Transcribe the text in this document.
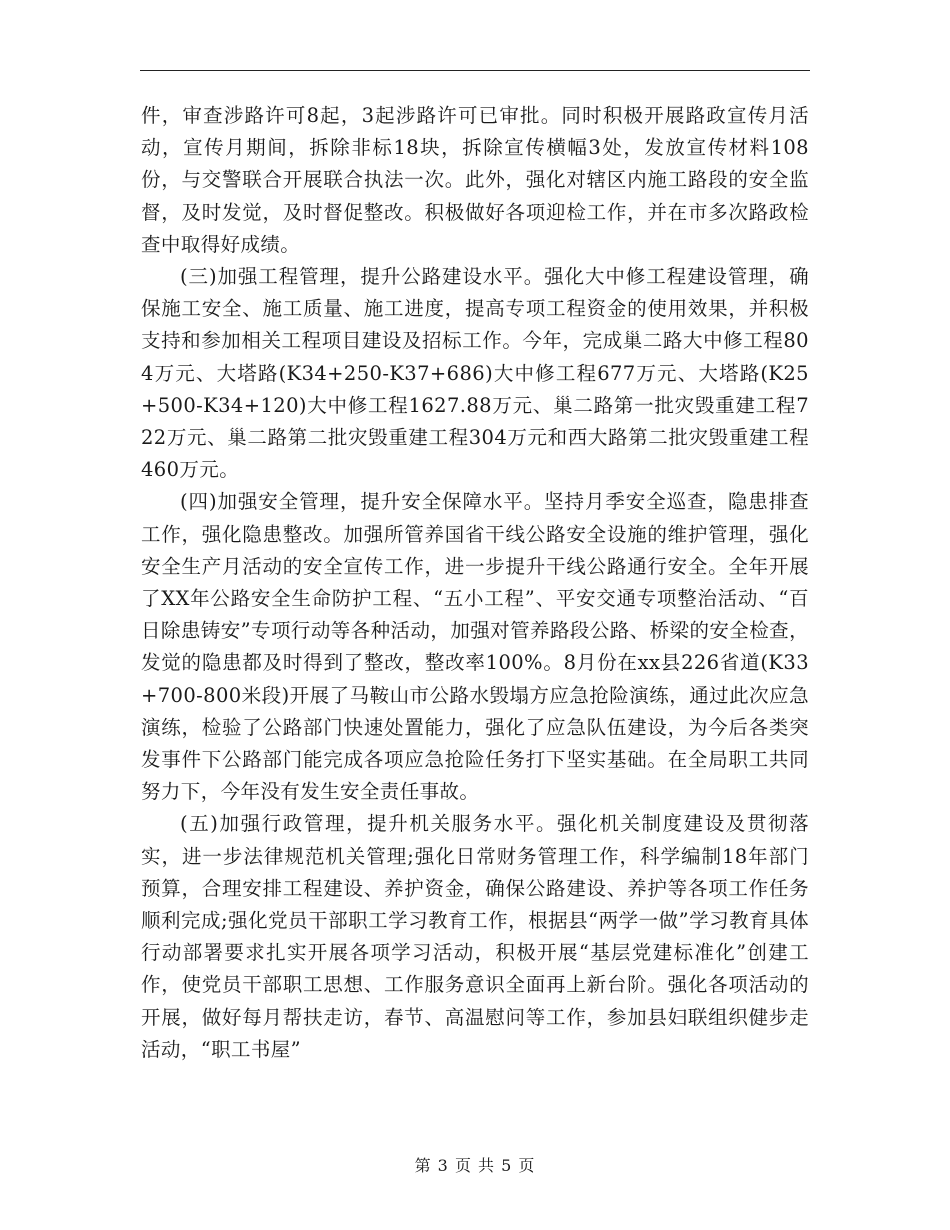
件，审查涉路许可8起，3起涉路许可已审批。同时积极开展路政宣传月活动，宣传月期间，拆除非标18块，拆除宣传横幅3处，发放宣传材料108份，与交警联合开展联合执法一次。此外，强化对辖区内施工路段的安全监督，及时发觉，及时督促整改。积极做好各项迎检工作，并在市多次路政检查中取得好成绩。

(三)加强工程管理，提升公路建设水平。强化大中修工程建设管理，确保施工安全、施工质量、施工进度，提高专项工程资金的使用效果，并积极支持和参加相关工程项目建设及招标工作。今年，完成巢二路大中修工程804万元、大塔路(K34+250-K37+686)大中修工程677万元、大塔路(K25+500-K34+120)大中修工程1627.88万元、巢二路第一批灾毁重建工程722万元、巢二路第二批灾毁重建工程304万元和西大路第二批灾毁重建工程460万元。

(四)加强安全管理，提升安全保障水平。坚持月季安全巡查，隐患排查工作，强化隐患整改。加强所管养国省干线公路安全设施的维护管理，强化安全生产月活动的安全宣传工作，进一步提升干线公路通行安全。全年开展了XX年公路安全生命防护工程、“五小工程”、平安交通专项整治活动、“百日除患铸安”专项行动等各种活动，加强对管养路段公路、桥梁的安全检查，发觉的隐患都及时得到了整改，整改率100%。8月份在xx县226省道(K33+700-800米段)开展了马鞍山市公路水毁塌方应急抢险演练，通过此次应急演练，检验了公路部门快速处置能力，强化了应急队伍建设，为今后各类突发事件下公路部门能完成各项应急抢险任务打下坚实基础。在全局职工共同努力下，今年没有发生安全责任事故。

(五)加强行政管理，提升机关服务水平。强化机关制度建设及贯彻落实，进一步法律规范机关管理;强化日常财务管理工作，科学编制18年部门预算，合理安排工程建设、养护资金，确保公路建设、养护等各项工作任务顺利完成;强化党员干部职工学习教育工作，根据县“两学一做”学习教育具体行动部署要求扎实开展各项学习活动，积极开展“基层党建标准化”创建工作，使党员干部职工思想、工作服务意识全面再上新台阶。强化各项活动的开展，做好每月帮扶走访，春节、高温慰问等工作，参加县妇联组织健步走活动，“职工书屋”

第 3 页 共 5 页
